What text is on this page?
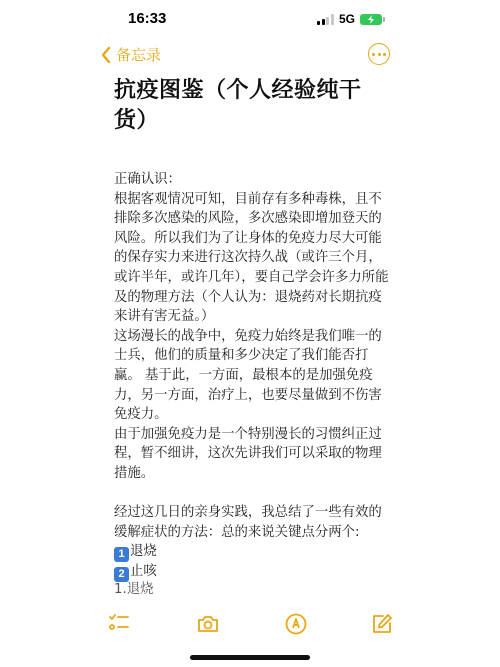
16:33	5G
备忘录
抗疫图鉴（个人经验纯干货）

正确认识：

根据客观情况可知，目前存有多种毒株，且不排除多次感染的风险，多次感染即增加登天的风险。所以我们为了让身体的免疫力尽大可能的保存实力来进行这次持久战（或许三个月，或许半年，或许几年），要自己学会许多力所能及的物理方法（个人认为：退烧药对长期抗疫来讲有害无益。）

这场漫长的战争中，免疫力始终是我们唯一的士兵，他们的质量和多少决定了我们能否打赢。 基于此，一方面，最根本的是加强免疫力，另一方面，治疗上，也要尽量做到不伤害免疫力。

由于加强免疫力是一个特别漫长的习惯纠正过程，暂不细讲，这次先讲我们可以采取的物理措施。

经过这几日的亲身实践，我总结了一些有效的缓解症状的方法：总的来说关键点分两个:

1 退烧

2 止咳

1.退烧
